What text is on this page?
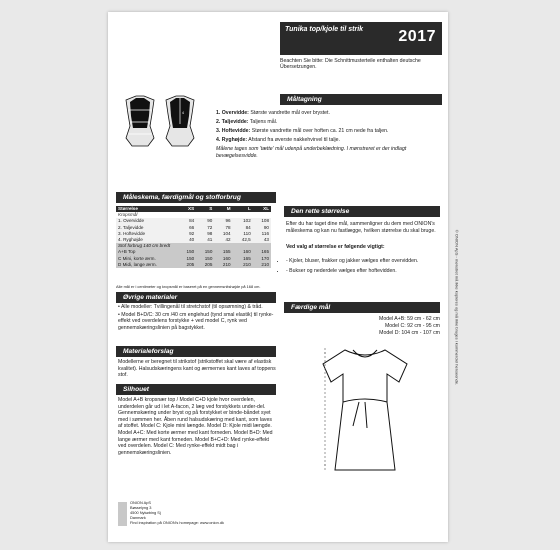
Tunika top/kjole til strik	2017
Beachten Sie bitte: Die Schnittmusterteile enthalten deutsche Übersetzungen.
Måltagning
1
2
3
4	1. Overvidde: Største vandrette mål over brystet.
2. Taljevidde: Taljens mål.
3. Hoftevidde: Største vandrette mål over hoften ca. 21 cm nede fra taljen.
4. Ryghøjde: Afstand fra øverste nakkehvirvel til talje.
Målene tages som 'tætte' mål udenpå underbeklædning. I mønstreret er der indlagt bevægelsesvidde.
Måleskema, færdigmål og stofforbrug
Størrelse	XS	S	M	L	XL
Kropsmål					
1. Overvidde	84	90	96	102	108
2. Taljevidde	66	72	78	84	90
3. Hoftevidde	92	98	104	110	116
4. Ryghøjde	40	41	42	42,5	43
Stof forbrug 140 cm bredt					
A+B Top	150	150	155	160	165
C Mini, korte ærm.	150	150	160	165	170
D Midi, lange ærm.	205	205	210	210	210
Alle mål er i centimeter og kropsmål er baseret på en gennemsnitshøjde på 168 cm.
Øvrige materialer

• Alle modeller: Tvillingenål til stretchstof (til opsømning) & tråd.

• Model B+D/C: 30 cm /40 cm englehud (tynd smal elastik) til rynke-effekt ved overdelens forstykke + ved model C, rynk ved gennemskæringslinien på bagstykket.

Materialeforslag
Modellerne er beregnet til strikstof (strikstoffet skal være af elastisk kvalitet). Halsudskæringens kant og ærmernes kant laves af toppens stof.
Silhouet
Model A+B kropsnær top / Model C+D kjole hvor overdelen, underdelen går ud i let A-facon, 2 læg ved forstykkets under-del. Gennemskæring under bryst og på forstykket er binde-båndet syet med i sømmen her. Åben rund halsudskæring med kant, som laves af stoffet. Model C: Kjole mini længde. Model D: Kjole midi længde. Model A+C: Med korte ærmer med kant forneden. Model B+D: Med lange ærmer med kant forneden. Model B+C+D: Med rynke-effekt ved overdelen. Model C: Med rynke-effekt midt bag i gennemskæringslinien.
Den rette størrelse
Efter du har taget dine mål, sammenligner du dem med ONION's måleskema og kan nu fastlægge, hvilken størrelse du skal bruge.
Ved valg af størrelse er følgende vigtigt:
• - Kjoler, bluser, frakker og jakker vælges efter overvidden.
• - Bukser og nederdele vælges efter hoftevidden.
Færdige mål
Model A+B: 59 cm - 62 cm
Model C: 92 cm - 95 cm
Model D: 104 cm - 107 cm
ONION ApS
Bøsselyng 3
4500 Nykøbing Sj
Danmark
Find inspiration på ONION's homepage: www.onion.dk
© ONION ApS - mønstret må ikke kopieres og må ikke bruges i kommerciel henseende.
